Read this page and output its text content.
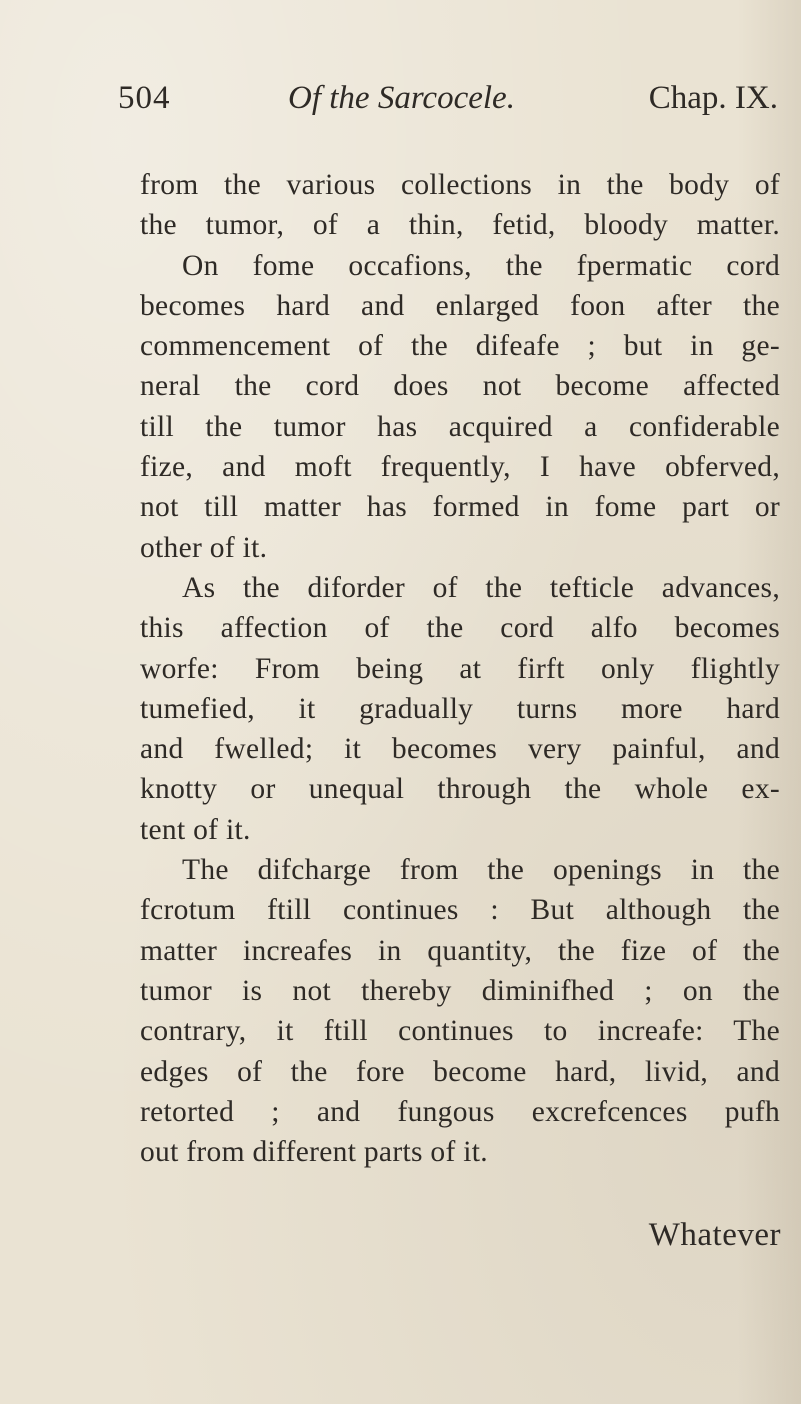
504	Of the Sarcocele.	Chap. IX.
from the various collections in the body of
the tumor, of a thin, fetid, bloody matter.
On fome occafions, the fpermatic cord
becomes hard and enlarged foon after the
commencement of the difeafe ; but in ge-
neral the cord does not become affected
till the tumor has acquired a confiderable
fize, and moft frequently, I have obferved,
not till matter has formed in fome part or
other of it.
As the diforder of the tefticle advances,
this affection of the cord alfo becomes
worfe: From being at firft only flightly
tumefied, it gradually turns more hard
and fwelled; it becomes very painful, and
knotty or unequal through the whole ex-
tent of it.
The difcharge from the openings in the
fcrotum ftill continues : But although the
matter increafes in quantity, the fize of the
tumor is not thereby diminifhed ; on the
contrary, it ftill continues to increafe: The
edges of the fore become hard, livid, and
retorted ; and fungous excrefcences pufh
out from different parts of it.
Whatever
